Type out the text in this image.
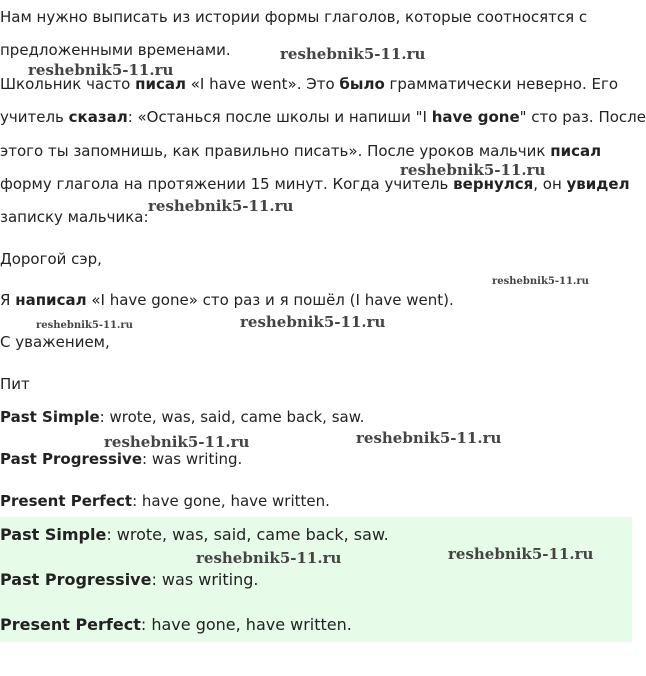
Нам нужно выписать из истории формы глаголов, которые соотносятся с
предложенными временами.
Школьник часто писал «I have went». Это было грамматически неверно. Его
учитель сказал: «Останься после школы и напиши "I have gone" сто раз. После
этого ты запомнишь, как правильно писать». После уроков мальчик писал
форму глагола на протяжении 15 минут. Когда учитель вернулся, он увидел
записку мальчика:
Дорогой сэр,
Я написал «I have gone» сто раз и я пошёл (I have went).
С уважением,
Пит
Past Simple: wrote, was, said, came back, saw.
Past Progressive: was writing.
Present Perfect: have gone, have written.
Past Simple: wrote, was, said, came back, saw.
Past Progressive: was writing.
Present Perfect: have gone, have written.
reshebnik5-11.ru
reshebnik5-11.ru
reshebnik5-11.ru
reshebnik5-11.ru
reshebnik5-11.ru
reshebnik5-11.ru	reshebnik5-11.ru
reshebnik5-11.ru	reshebnik5-11.ru
reshebnik5-11.ru	reshebnik5-11.ru
